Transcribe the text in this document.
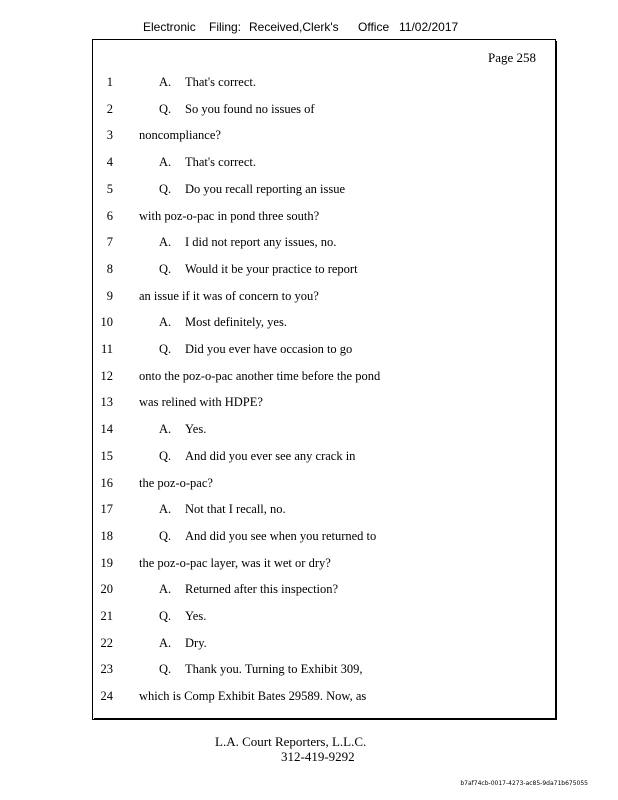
Electronic Filing: Received,Clerk's Office 11/02/2017
Page 258
1	A. That's correct.
2	Q. So you found no issues of
3 noncompliance?
4	A. That's correct.
5	Q. Do you recall reporting an issue
6 with poz-o-pac in pond three south?
7	A. I did not report any issues, no.
8	Q. Would it be your practice to report
9 an issue if it was of concern to you?
10	A. Most definitely, yes.
11	Q. Did you ever have occasion to go
12 onto the poz-o-pac another time before the pond
13 was relined with HDPE?
14	A. Yes.
15	Q. And did you ever see any crack in
16 the poz-o-pac?
17	A. Not that I recall, no.
18	Q. And did you see when you returned to
19 the poz-o-pac layer, was it wet or dry?
20	A. Returned after this inspection?
21	Q. Yes.
22	A. Dry.
23	Q. Thank you. Turning to Exhibit 309,
24 which is Comp Exhibit Bates 29589. Now, as
L.A. Court Reporters, L.L.C.
312-419-9292
b7af74cb-0017-4273-ac85-9da71b675055
